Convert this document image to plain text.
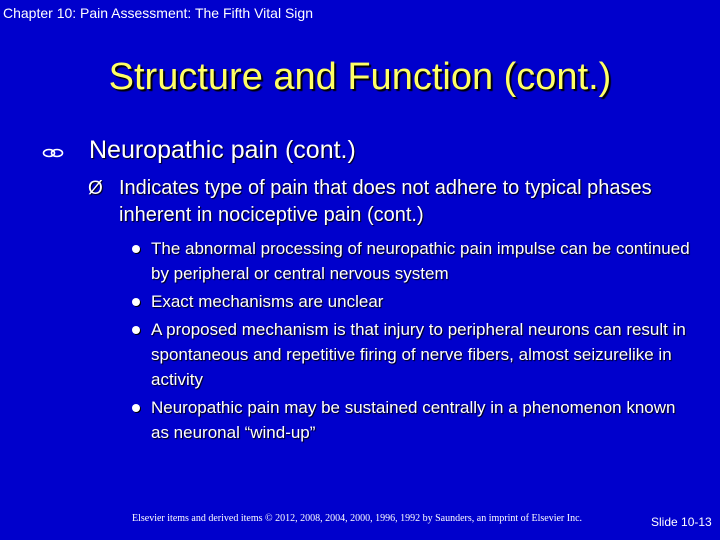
Chapter 10: Pain Assessment: The Fifth Vital Sign
Structure and Function (cont.)
Neuropathic pain (cont.)
Ø Indicates type of pain that does not adhere to typical phases inherent in nociceptive pain (cont.)
The abnormal processing of neuropathic pain impulse can be continued by peripheral or central nervous system
Exact mechanisms are unclear
A proposed mechanism is that injury to peripheral neurons can result in spontaneous and repetitive firing of nerve fibers, almost seizurelike in activity
Neuropathic pain may be sustained centrally in a phenomenon known as neuronal “wind-up”
Elsevier items and derived items © 2012, 2008, 2004, 2000, 1996, 1992 by Saunders, an imprint of Elsevier Inc.	Slide 10-13
